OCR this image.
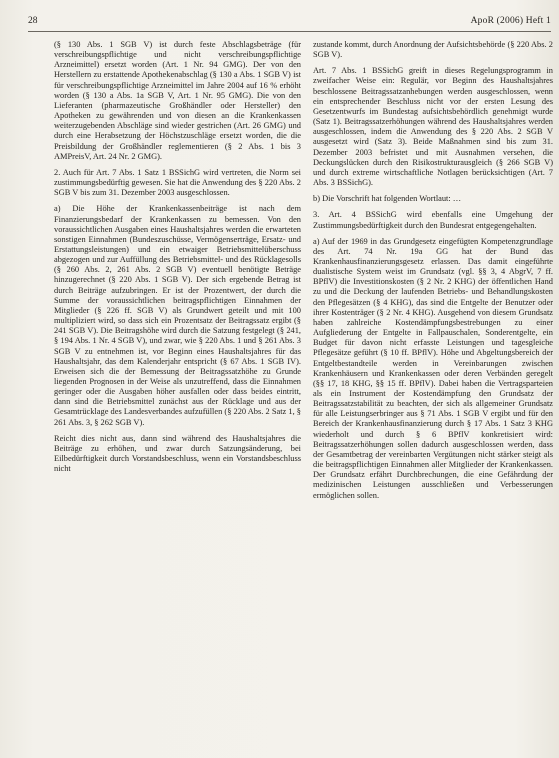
28	ApoR (2006) Heft 1

(§ 130 Abs. 1 SGB V) ist durch feste Abschlagsbeträge (für verschreibungspflichtige und nicht verschreibungspflichtige Arzneimittel) ersetzt worden (Art. 1 Nr. 94 GMG). Der von den Herstellern zu erstattende Apothekenabschlag (§ 130 a Abs. 1 SGB V) ist für verschreibungspflichtige Arzneimittel im Jahre 2004 auf 16 % erhöht worden (§ 130 a Abs. 1a SGB V, Art. 1 Nr. 95 GMG). Die von den Lieferanten (pharmazeutische Großhändler oder Hersteller) den Apotheken zu gewährenden und von diesen an die Krankenkassen weiterzugebenden Abschläge sind wieder gestrichen (Art. 26 GMG) und durch eine Herabsetzung der Höchstzuschläge ersetzt worden, die die Preisbildung der Großhändler reglementieren (§ 2 Abs. 1 bis 3 AMPreisV, Art. 24 Nr. 2 GMG).

2. Auch für Art. 7 Abs. 1 Satz 1 BSSichG wird vertreten, die Norm sei zustimmungsbedürftig gewesen. Sie hat die Anwendung des § 220 Abs. 2 SGB V bis zum 31. Dezember 2003 ausgeschlossen.

a) Die Höhe der Krankenkassenbeiträge ist nach dem Finanzierungsbedarf der Krankenkassen zu bemessen. Von den voraussichtlichen Ausgaben eines Haushaltsjahres werden die erwarteten sonstigen Einnahmen (Bundeszuschüsse, Vermögenserträge, Ersatz- und Erstattungsleistungen) und ein etwaiger Betriebsmittelüberschuss abgezogen und zur Auffüllung des Betriebsmittel- und des Rücklagesolls (§ 260 Abs. 2, 261 Abs. 2 SGB V) eventuell benötigte Beträge hinzugerechnet (§ 220 Abs. 1 SGB V). Der sich ergebende Betrag ist durch Beiträge aufzubringen. Er ist der Prozentwert, der durch die Summe der voraussichtlichen beitragspflichtigen Einnahmen der Mitglieder (§ 226 ff. SGB V) als Grundwert geteilt und mit 100 multipliziert wird, so dass sich ein Prozentsatz der Beitragssatz ergibt (§ 241 SGB V). Die Beitragshöhe wird durch die Satzung festgelegt (§ 241, § 194 Abs. 1 Nr. 4 SGB V), und zwar, wie § 220 Abs. 1 und § 261 Abs. 3 SGB V zu entnehmen ist, vor Beginn eines Haushaltsjahres für das Haushaltsjahr, das dem Kalenderjahr entspricht (§ 67 Abs. 1 SGB IV). Erweisen sich die der Bemessung der Beitragssatzhöhe zu Grunde liegenden Prognosen in der Weise als unzutreffend, dass die Einnahmen geringer oder die Ausgaben höher ausfallen oder dass beides eintritt, dann sind die Betriebsmittel zunächst aus der Rücklage und aus der Gesamtrücklage des Landesverbandes aufzufüllen (§ 220 Abs. 2 Satz 1, § 261 Abs. 3, § 262 SGB V).

Reicht dies nicht aus, dann sind während des Haushaltsjahres die Beiträge zu erhöhen, und zwar durch Satzungsänderung, bei Eilbedürftigkeit durch Vorstandsbeschluss, wenn ein Vorstandsbeschluss nicht

zustande kommt, durch Anordnung der Aufsichtsbehörde (§ 220 Abs. 2 SGB V).

Art. 7 Abs. 1 BSSichG greift in dieses Regelungsprogramm in zweifacher Weise ein: Regulär, vor Beginn des Haushaltsjahres beschlossene Beitragssatzanhebungen werden ausgeschlossen, wenn ein entsprechender Beschluss nicht vor der ersten Lesung des Gesetzentwurfs im Bundestag aufsichtsbehördlich genehmigt wurde (Satz 1). Beitragssatzerhöhungen während des Haushaltsjahres werden ausgeschlossen, indem die Anwendung des § 220 Abs. 2 SGB V ausgesetzt wird (Satz 3). Beide Maßnahmen sind bis zum 31. Dezember 2003 befristet und mit Ausnahmen versehen, die Deckungslücken durch den Risikostrukturausgleich (§ 266 SGB V) und durch extreme wirtschaftliche Notlagen berücksichtigen (Art. 7 Abs. 3 BSSichG).

b) Die Vorschrift hat folgenden Wortlaut: …

3. Art. 4 BSSichG wird ebenfalls eine Umgehung der Zustimmungsbedürftigkeit durch den Bundesrat entgegengehalten.

a) Auf der 1969 in das Grundgesetz eingefügten Kompetenzgrundlage des Art. 74 Nr. 19a GG hat der Bund das Krankenhausfinanzierungsgesetz erlassen. Das damit eingeführte dualistische System weist im Grundsatz (vgl. §§ 3, 4 AbgrV, 7 ff. BPflV) die Investitionskosten (§ 2 Nr. 2 KHG) der öffentlichen Hand zu und die Deckung der laufenden Betriebs- und Behandlungskosten den Pflegesätzen (§ 4 KHG), das sind die Entgelte der Benutzer oder ihrer Kostenträger (§ 2 Nr. 4 KHG). Ausgehend von diesem Grundsatz haben zahlreiche Kostendämpfungsbestrebungen zu einer Aufgliederung der Entgelte in Fallpauschalen, Sonderentgelte, ein Budget für davon nicht erfasste Leistungen und tagesgleiche Pflegesätze geführt (§ 10 ff. BPflV). Höhe und Abgeltungsbereich der Entgeltbestandteile werden in Vereinbarungen zwischen Krankenhäusern und Krankenkassen oder deren Verbänden geregelt (§§ 17, 18 KHG, §§ 15 ff. BPflV). Dabei haben die Vertragsparteien als ein Instrument der Kostendämpfung den Grundsatz der Beitragssatzstabilität zu beachten, der sich als allgemeiner Grundsatz für alle Leistungserbringer aus § 71 Abs. 1 SGB V ergibt und für den Bereich der Krankenhausfinanzierung durch § 17 Abs. 1 Satz 3 KHG wiederholt und durch § 6 BPflV konkretisiert wird: Beitragssatzerhöhungen sollen dadurch ausgeschlossen werden, dass der Gesamtbetrag der vereinbarten Vergütungen nicht stärker steigt als die beitragspflichtigen Einnahmen aller Mitglieder der Krankenkassen. Der Grundsatz erfährt Durchbrechungen, die eine Gefährdung der medizinischen Leistungen ausschließen und Verbesserungen ermöglichen sollen.
